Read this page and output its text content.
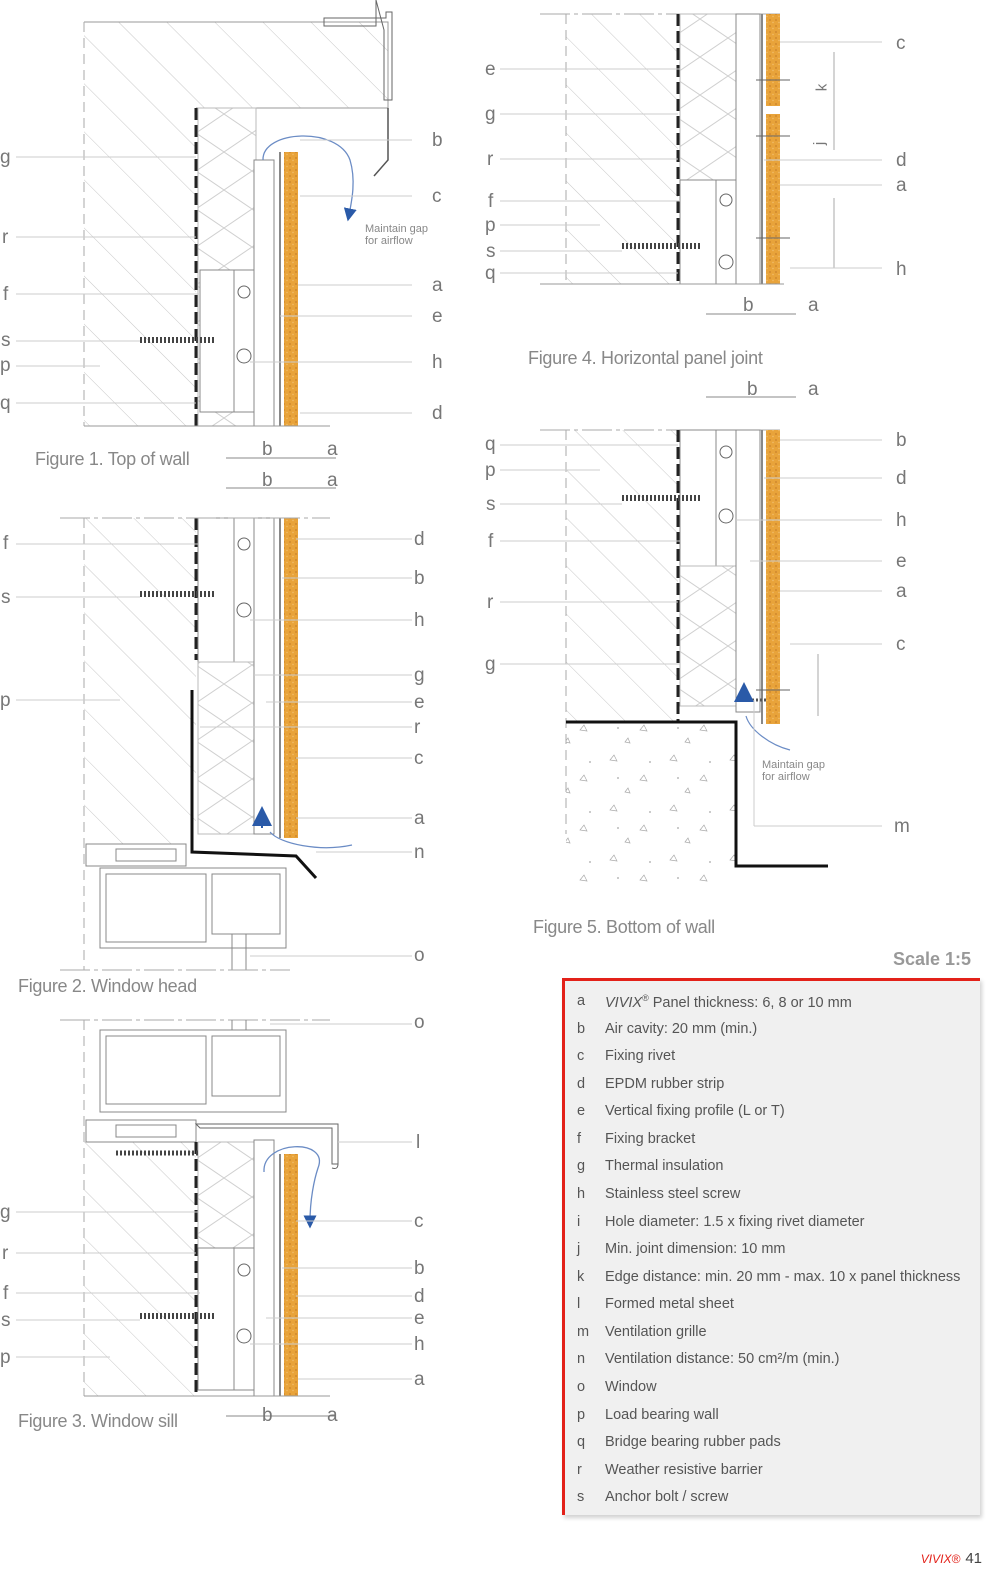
g
r
f
s
p
q
b
c
a
e
h
d
b	a
Maintain gap
for airflow
Figure 1. Top of wall
f
s
p
d
b
h
g
e
r
c
a
n
o
b	a
Figure 2. Window head
g
r
f
s
p
o
l
c
b
d
e
h
a
b	a
Figure 3. Window sill
e
g
r
f
p
s
q
c
d
a
h
k
j
b	a
Figure 4. Horizontal panel joint
q
p
s
f
r
g
b
d
h
e
a
c
m
b	a
Maintain gap
for airflow
Figure 5. Bottom of wall
Scale 1:5
a VIVIX® Panel thickness: 6, 8 or 10 mm
b Air cavity: 20 mm (min.)
c Fixing rivet
d EPDM rubber strip
e Vertical fixing profile (L or T)
f Fixing bracket
g Thermal insulation
h Stainless steel screw
i Hole diameter: 1.5 x fixing rivet diameter
j Min. joint dimension: 10 mm
k Edge distance: min. 20 mm - max. 10 x panel thickness
l Formed metal sheet
m Ventilation grille
n Ventilation distance: 50 cm²/m (min.)
o Window
p Load bearing wall
q Bridge bearing rubber pads
r Weather resistive barrier
s Anchor bolt / screw
VIVIX® 41
